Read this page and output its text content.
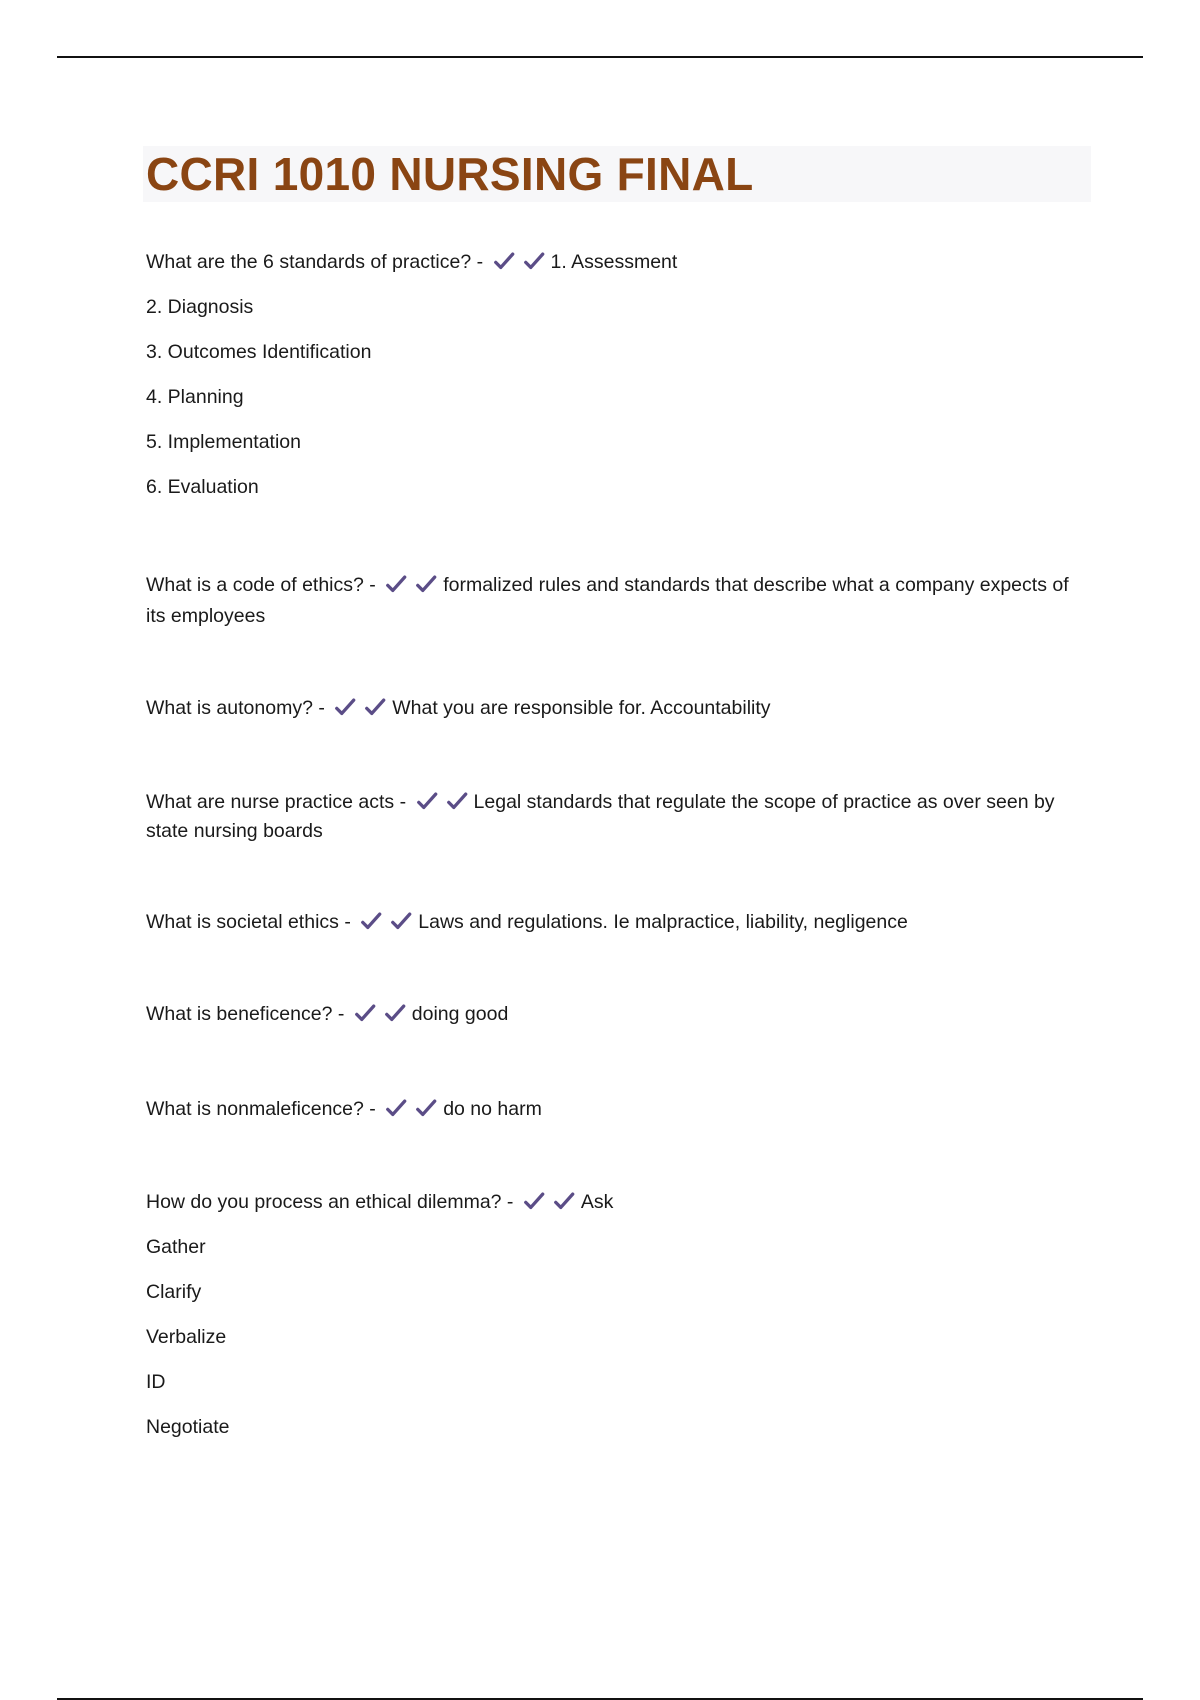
CCRI 1010 NURSING FINAL

What are the 6 standards of practice? -	1. Assessment

2. Diagnosis

3. Outcomes Identification

4. Planning

5. Implementation

6. Evaluation

What is a code of ethics? -	formalized rules and standards that describe what a company expects of its employees

What is autonomy? -	What you are responsible for. Accountability

What are nurse practice acts -	Legal standards that regulate the scope of practice as over seen by state nursing boards

What is societal ethics -	Laws and regulations. Ie malpractice, liability, negligence

What is beneficence? -	doing good

What is nonmaleficence? -	do no harm

How do you process an ethical dilemma? -	Ask

Gather

Clarify

Verbalize

ID

Negotiate
